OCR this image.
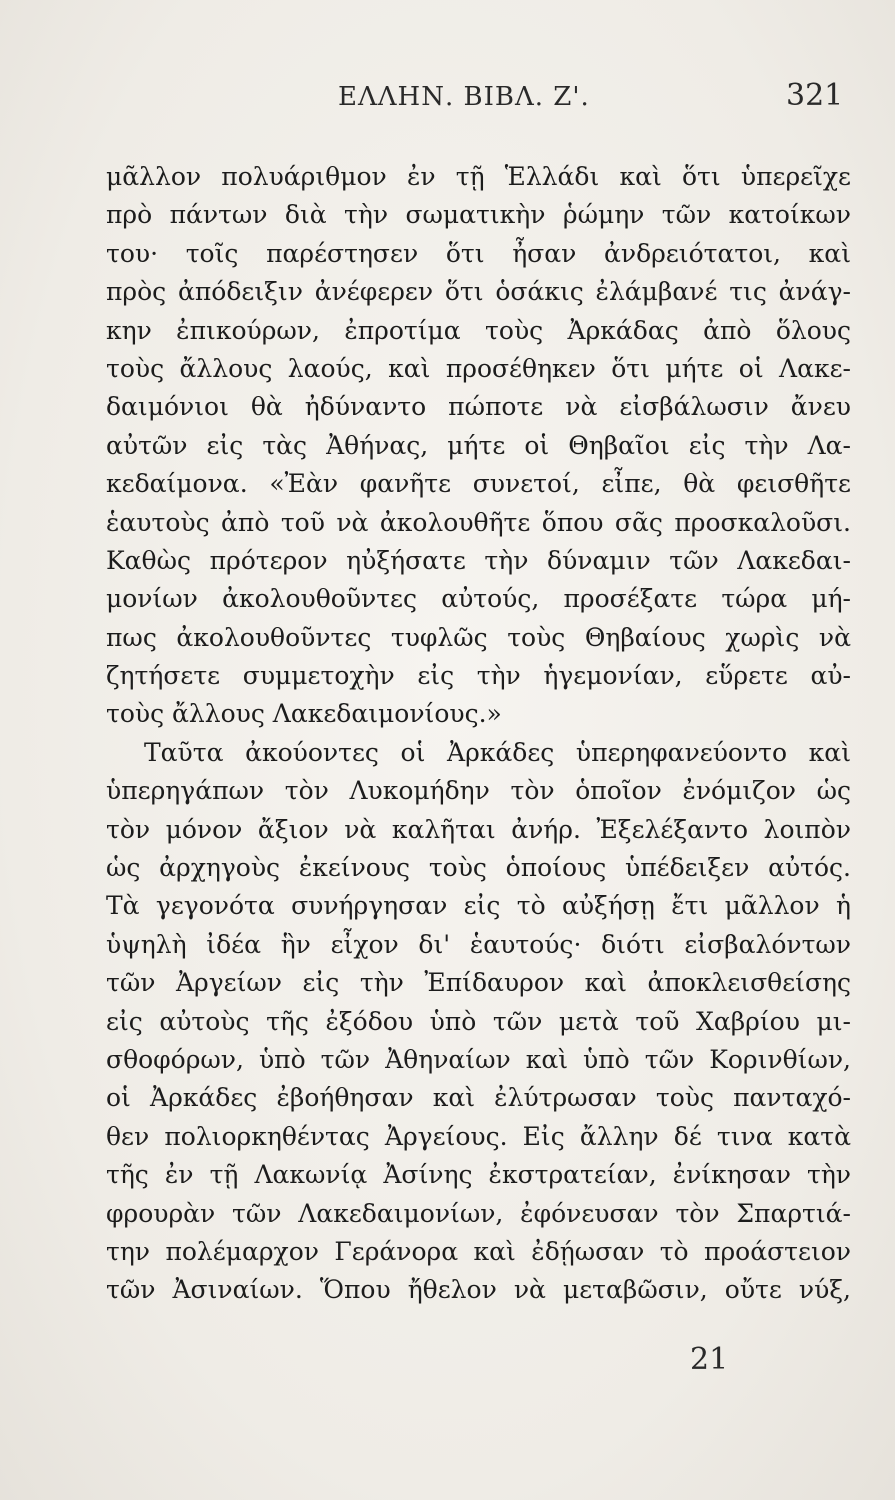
ΕΛΛΗΝ. ΒΙΒΛ. Ζ'.	321
μᾶλλον πολυάριθμον ἐν τῇ Ἑλλάδι καὶ ὅτι ὑπερεῖχε
πρὸ πάντων διὰ τὴν σωματικὴν ῥώμην τῶν κατοίκων
του· τοῖς παρέστησεν ὅτι ἦσαν ἀνδρειότατοι, καὶ
πρὸς ἀπόδειξιν ἀνέφερεν ὅτι ὁσάκις ἐλάμβανέ τις ἀνάγ-
κην ἐπικούρων, ἐπροτίμα τοὺς Ἀρκάδας ἀπὸ ὅλους
τοὺς ἄλλους λαούς, καὶ προσέθηκεν ὅτι μήτε οἱ Λακε-
δαιμόνιοι θὰ ἠδύναντο πώποτε νὰ εἰσβάλωσιν ἄνευ
αὐτῶν εἰς τὰς Ἀθήνας, μήτε οἱ Θηβαῖοι εἰς τὴν Λα-
κεδαίμονα. «Ἐὰν φανῆτε συνετοί, εἶπε, θὰ φεισθῆτε
ἑαυτοὺς ἀπὸ τοῦ νὰ ἀκολουθῆτε ὅπου σᾶς προσκαλοῦσι.
Καθὼς πρότερον ηὐξήσατε τὴν δύναμιν τῶν Λακεδαι-
μονίων ἀκολουθοῦντες αὐτούς, προσέξατε τώρα μή-
πως ἀκολουθοῦντες τυφλῶς τοὺς Θηβαίους χωρὶς νὰ
ζητήσετε συμμετοχὴν εἰς τὴν ἡγεμονίαν, εὕρετε αὐ-
τοὺς ἄλλους Λακεδαιμονίους.»
Ταῦτα ἀκούοντες οἱ Ἀρκάδες ὑπερηφανεύοντο καὶ
ὑπερηγάπων τὸν Λυκομήδην τὸν ὁποῖον ἐνόμιζον ὡς
τὸν μόνον ἄξιον νὰ καλῆται ἀνήρ. Ἐξελέξαντο λοιπὸν
ὡς ἀρχηγοὺς ἐκείνους τοὺς ὁποίους ὑπέδειξεν αὐτός.
Τὰ γεγονότα συνήργησαν εἰς τὸ αὐξήσῃ ἔτι μᾶλλον ἡ
ὑψηλὴ ἰδέα ἣν εἶχον δι' ἑαυτούς· διότι εἰσβαλόντων
τῶν Ἀργείων εἰς τὴν Ἐπίδαυρον καὶ ἀποκλεισθείσης
εἰς αὐτοὺς τῆς ἐξόδου ὑπὸ τῶν μετὰ τοῦ Χαβρίου μι-
σθοφόρων, ὑπὸ τῶν Ἀθηναίων καὶ ὑπὸ τῶν Κορινθίων,
οἱ Ἀρκάδες ἐβοήθησαν καὶ ἐλύτρωσαν τοὺς πανταχό-
θεν πολιορκηθέντας Ἀργείους. Εἰς ἄλλην δέ τινα κατὰ
τῆς ἐν τῇ Λακωνίᾳ Ἀσίνης ἐκστρατείαν, ἐνίκησαν τὴν
φρουρὰν τῶν Λακεδαιμονίων, ἐφόνευσαν τὸν Σπαρτιά-
την πολέμαρχον Γεράνορα καὶ ἐδῄωσαν τὸ προάστειον
τῶν Ἀσιναίων. Ὅπου ἤθελον νὰ μεταβῶσιν, οὔτε νύξ,
21
